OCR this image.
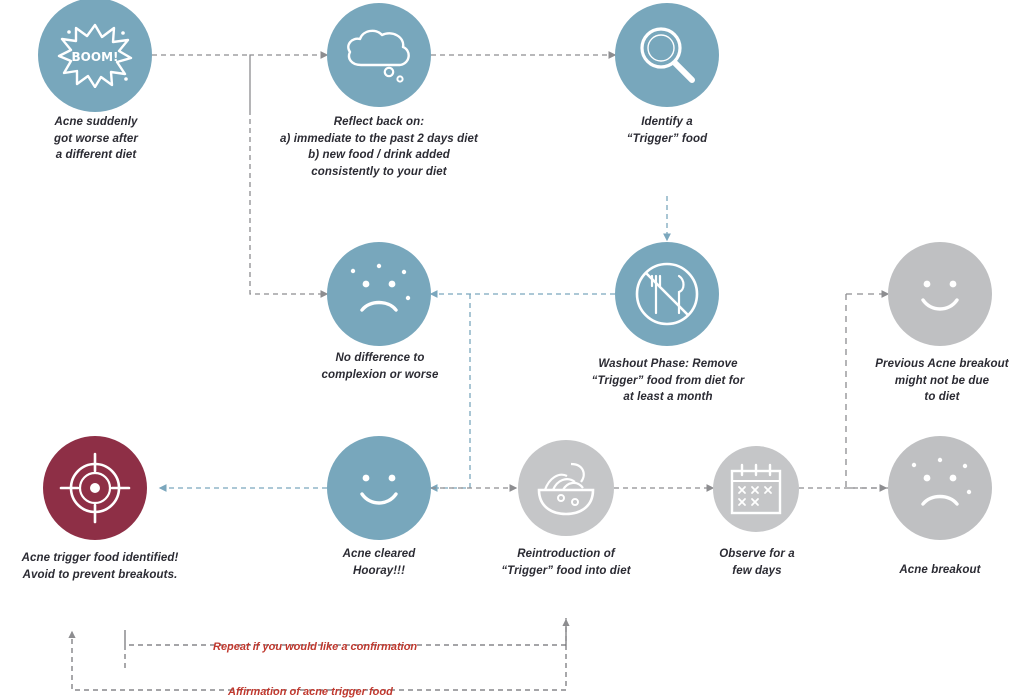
BOOM!
Acne suddenly
got worse after
a different diet
Reflect back on:
a) immediate to the past 2 days diet
b) new food / drink added
consistently to your diet
Identify a
“Trigger” food
No difference to
complexion or worse
Washout Phase: Remove
“Trigger” food from diet for
at least a month
Previous Acne breakout
might not be due
to diet
Acne trigger food identified!
Avoid to prevent breakouts.
Acne cleared
Hooray!!!
Reintroduction of
“Trigger” food into diet
Observe for a
few days	Acne breakout
Repeat if you would like a confirmation
Affirmation of acne trigger food
